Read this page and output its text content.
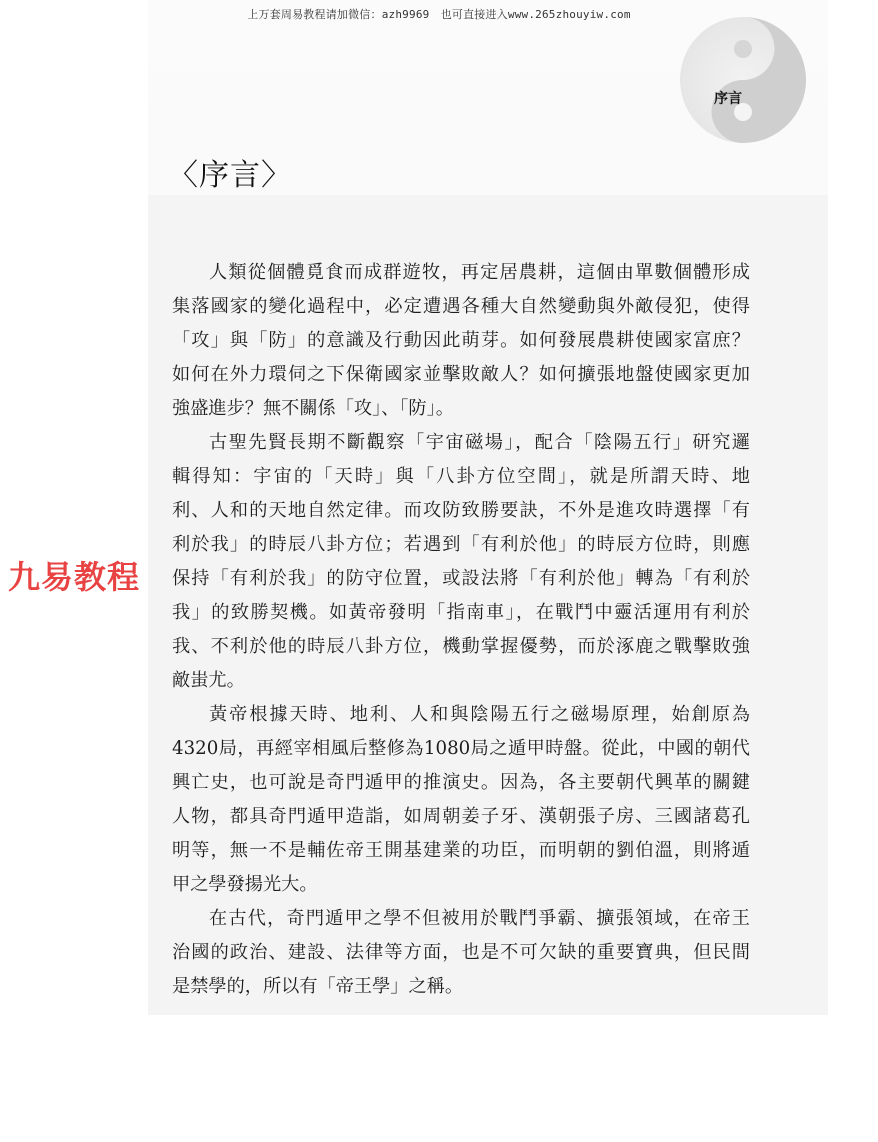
上万套周易教程请加微信：azh9969　也可直接进入www.265zhouyiw.com
序言
〈序言〉
九易教程
人類從個體覓食而成群遊牧，再定居農耕，這個由單數個體形成
集落國家的變化過程中，必定遭遇各種大自然變動與外敵侵犯，使得
「攻」與「防」的意識及行動因此萌芽。如何發展農耕使國家富庶？
如何在外力環伺之下保衛國家並擊敗敵人？如何擴張地盤使國家更加
強盛進步？無不關係「攻」、「防」。
古聖先賢長期不斷觀察「宇宙磁場」，配合「陰陽五行」研究邏
輯得知：宇宙的「天時」與「八卦方位空間」，就是所謂天時、地
利、人和的天地自然定律。而攻防致勝要訣，不外是進攻時選擇「有
利於我」的時辰八卦方位；若遇到「有利於他」的時辰方位時，則應
保持「有利於我」的防守位置，或設法將「有利於他」轉為「有利於
我」的致勝契機。如黃帝發明「指南車」，在戰鬥中靈活運用有利於
我、不利於他的時辰八卦方位，機動掌握優勢，而於涿鹿之戰擊敗強
敵蚩尤。
黃帝根據天時、地利、人和與陰陽五行之磁場原理，始創原為
4320局，再經宰相風后整修為1080局之遁甲時盤。從此，中國的朝代
興亡史，也可說是奇門遁甲的推演史。因為，各主要朝代興革的關鍵
人物，都具奇門遁甲造詣，如周朝姜子牙、漢朝張子房、三國諸葛孔
明等，無一不是輔佐帝王開基建業的功臣，而明朝的劉伯溫，則將遁
甲之學發揚光大。
在古代，奇門遁甲之學不但被用於戰鬥爭霸、擴張領域，在帝王
治國的政治、建設、法律等方面，也是不可欠缺的重要寶典，但民間
是禁學的，所以有「帝王學」之稱。
